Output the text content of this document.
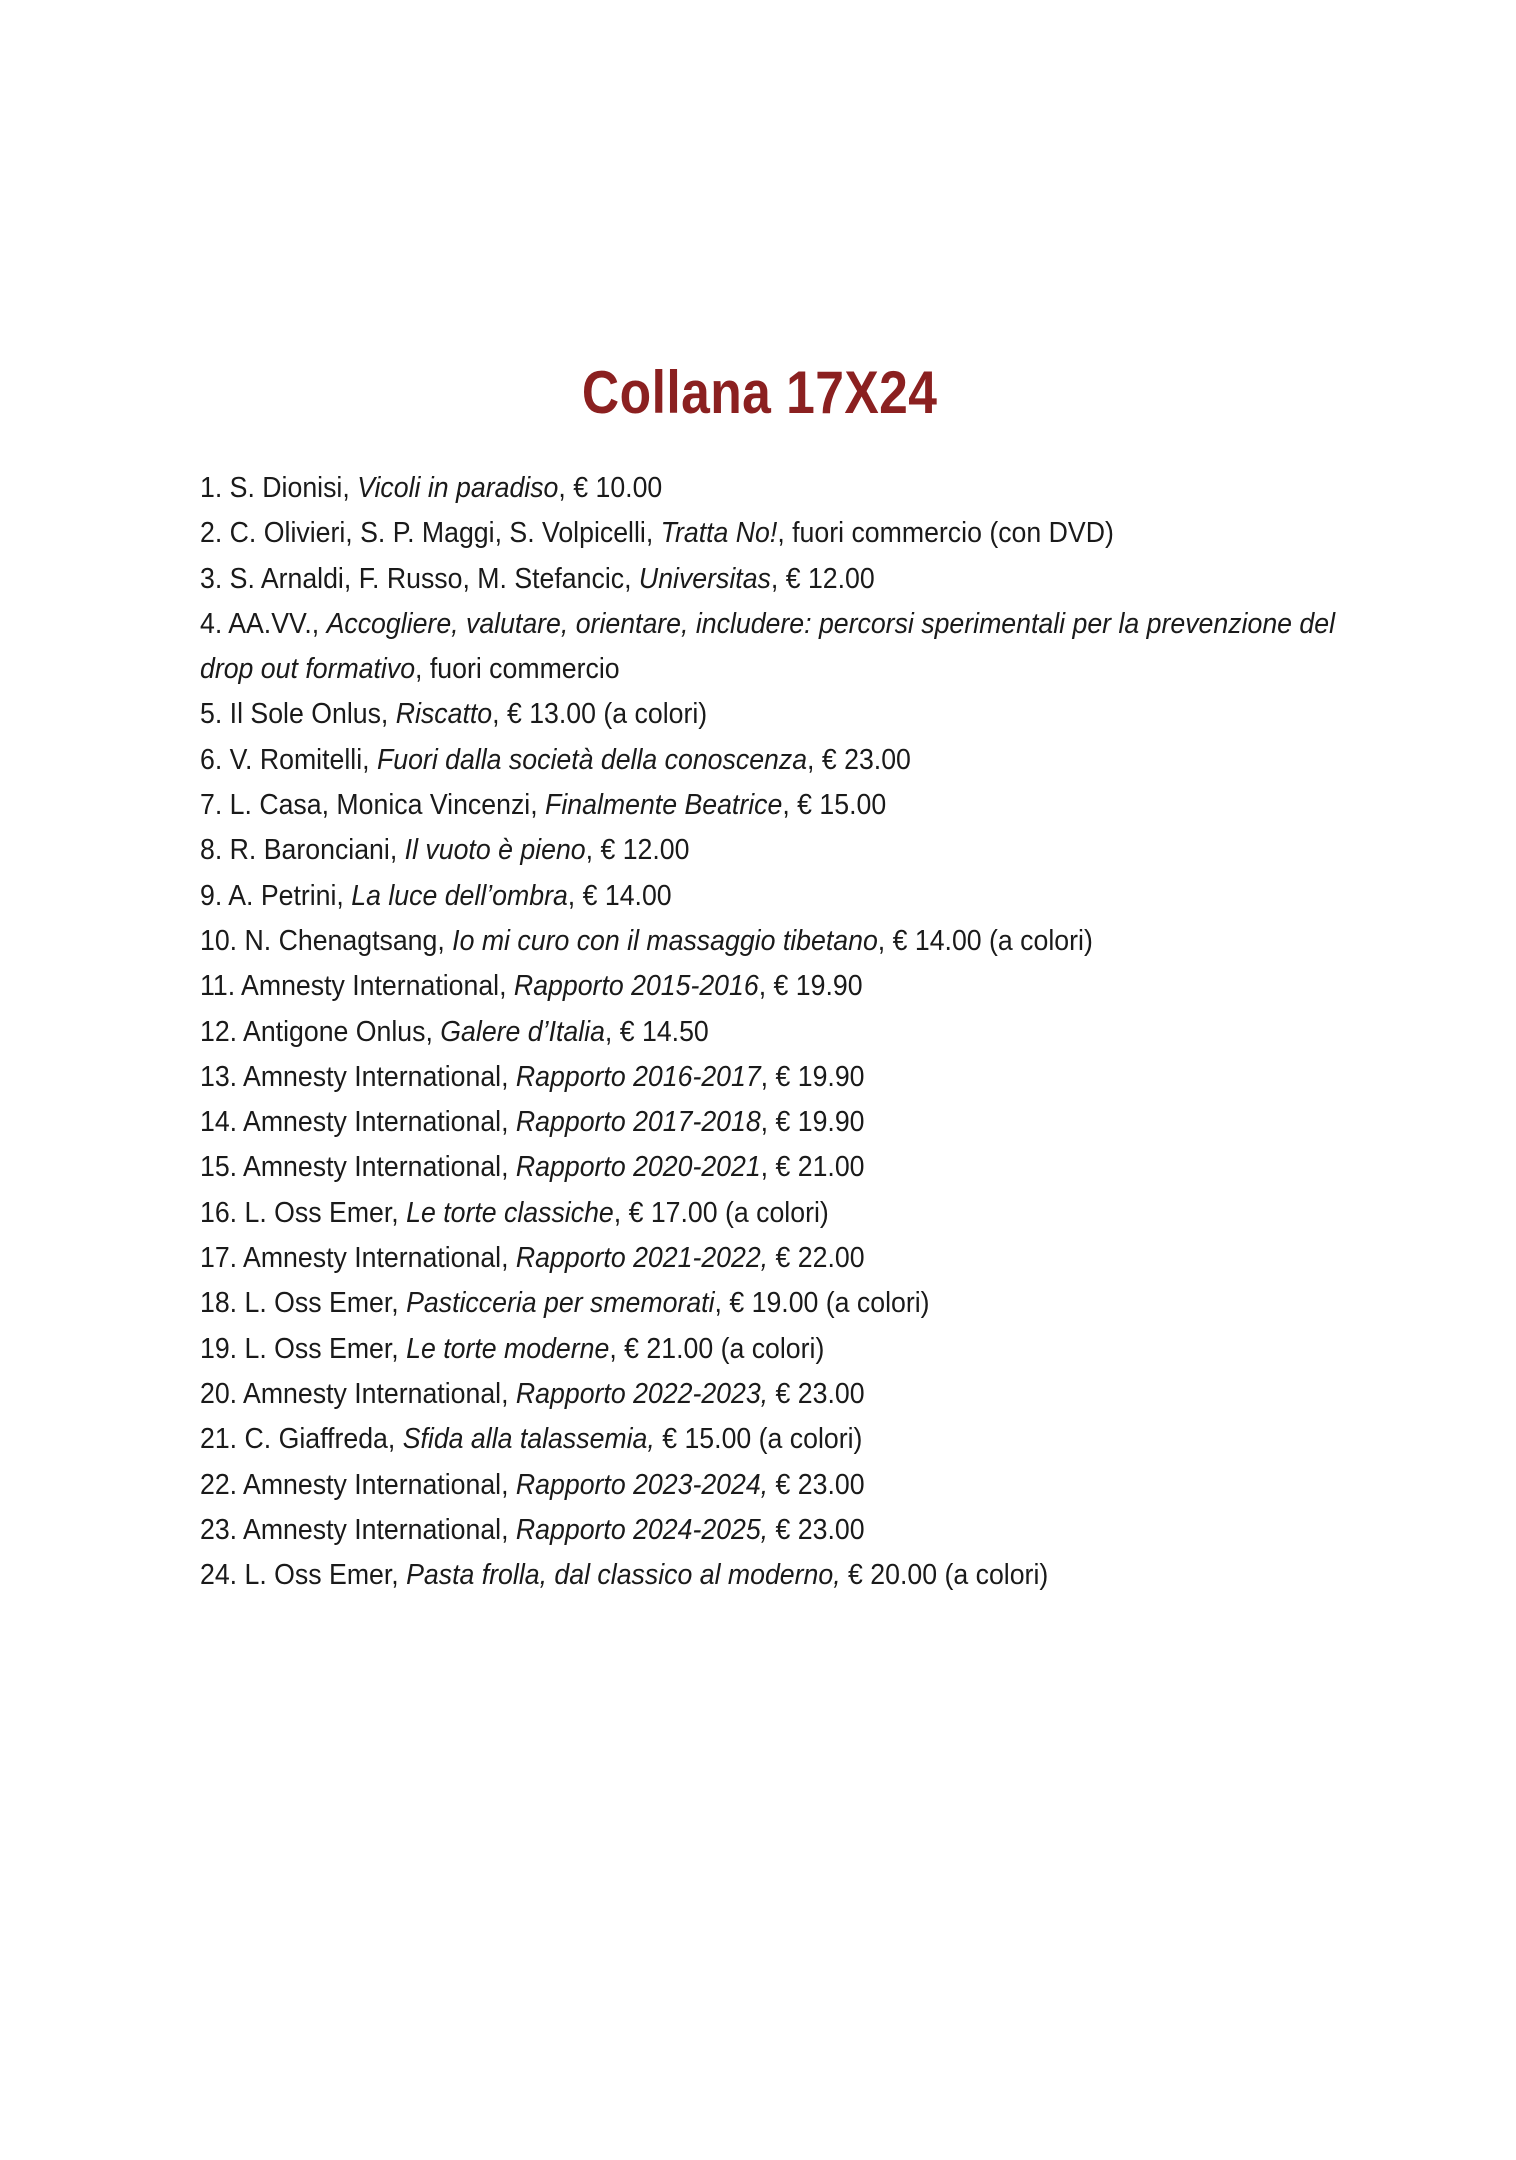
Collana 17X24
1. S. Dionisi, Vicoli in paradiso, € 10.00
2. C. Olivieri, S. P. Maggi, S. Volpicelli, Tratta No!, fuori commercio (con DVD)
3. S. Arnaldi, F. Russo, M. Stefancic, Universitas, € 12.00
4. AA.VV., Accogliere, valutare, orientare, includere: percorsi sperimentali per la prevenzione del drop out formativo, fuori commercio
5. Il Sole Onlus, Riscatto, € 13.00 (a colori)
6. V. Romitelli, Fuori dalla società della conoscenza, € 23.00
7. L. Casa, Monica Vincenzi, Finalmente Beatrice, € 15.00
8. R. Baronciani, Il vuoto è pieno, € 12.00
9. A. Petrini, La luce dell’ombra, € 14.00
10. N. Chenagtsang, Io mi curo con il massaggio tibetano, € 14.00 (a colori)
11. Amnesty International, Rapporto 2015-2016, € 19.90
12. Antigone Onlus, Galere d’Italia, € 14.50
13. Amnesty International, Rapporto 2016-2017, € 19.90
14. Amnesty International, Rapporto 2017-2018, € 19.90
15. Amnesty International, Rapporto 2020-2021, € 21.00
16. L. Oss Emer, Le torte classiche, € 17.00 (a colori)
17. Amnesty International, Rapporto 2021-2022, € 22.00
18. L. Oss Emer, Pasticceria per smemorati, € 19.00 (a colori)
19. L. Oss Emer, Le torte moderne, € 21.00 (a colori)
20. Amnesty International, Rapporto 2022-2023, € 23.00
21. C. Giaffreda, Sfida alla talassemia, € 15.00 (a colori)
22. Amnesty International, Rapporto 2023-2024, € 23.00
23. Amnesty International, Rapporto 2024-2025, € 23.00
24. L. Oss Emer, Pasta frolla, dal classico al moderno, € 20.00 (a colori)
